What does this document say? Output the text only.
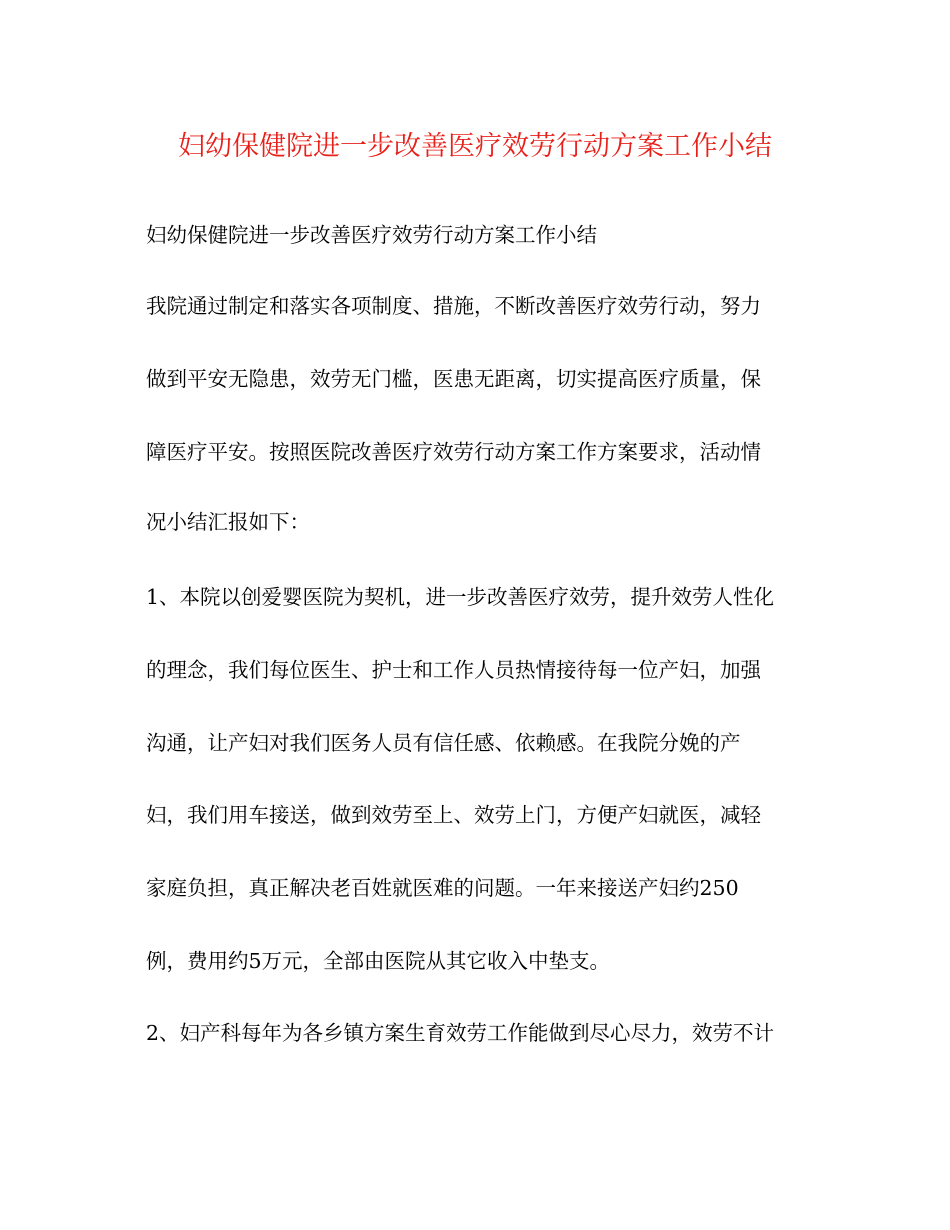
妇幼保健院进一步改善医疗效劳行动方案工作小结
妇幼保健院进一步改善医疗效劳行动方案工作小结
我院通过制定和落实各项制度、措施，不断改善医疗效劳行动，努力
做到平安无隐患，效劳无门槛，医患无距离，切实提高医疗质量，保
障医疗平安。按照医院改善医疗效劳行动方案工作方案要求，活动情
况小结汇报如下：
1、本院以创爱婴医院为契机，进一步改善医疗效劳，提升效劳人性化
的理念，我们每位医生、护士和工作人员热情接待每一位产妇，加强
沟通，让产妇对我们医务人员有信任感、依赖感。在我院分娩的产
妇，我们用车接送，做到效劳至上、效劳上门，方便产妇就医，减轻
家庭负担，真正解决老百姓就医难的问题。一年来接送产妇约250
例，费用约5万元，全部由医院从其它收入中垫支。
2、妇产科每年为各乡镇方案生育效劳工作能做到尽心尽力，效劳不计
